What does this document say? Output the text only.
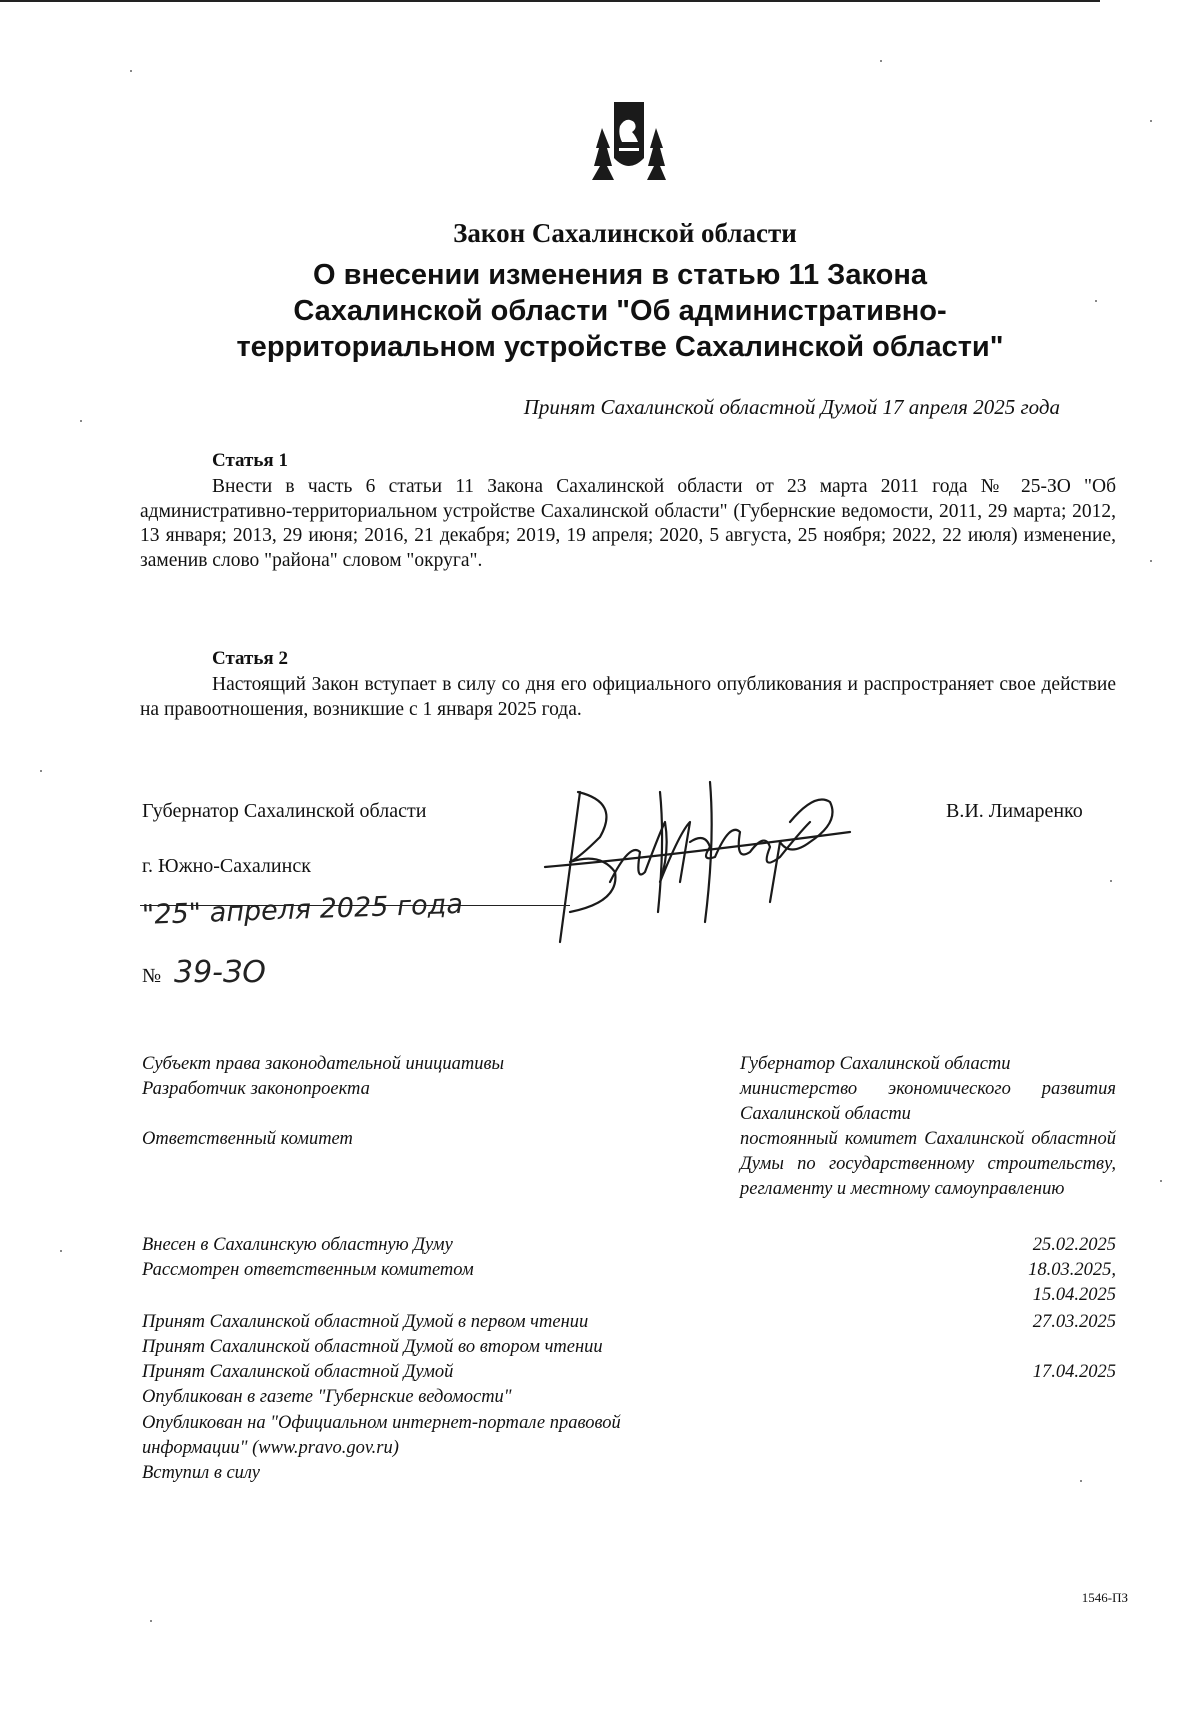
Закон Сахалинской области
О внесении изменения в статью 11 Закона
Сахалинской области "Об административно-
территориальном устройстве Сахалинской области"
Принят Сахалинской областной Думой 17 апреля 2025 года
Статья 1
Внести в часть 6 статьи 11 Закона Сахалинской области от 23 марта 2011 года № 25-ЗО "Об административно-территориальном устройстве Сахалинской области" (Губернские ведомости, 2011, 29 марта; 2012, 13 января; 2013, 29 июня; 2016, 21 декабря; 2019, 19 апреля; 2020, 5 августа, 25 ноября; 2022, 22 июля) изменение, заменив слово "района" словом "округа".
Статья 2
Настоящий Закон вступает в силу со дня его официального опубликования и распространяет свое действие на правоотношения, возникшие с 1 января 2025 года.
Губернатор Сахалинской области	В.И. Лимаренко
г. Южно-Сахалинск
"25" апреля 2025 года
№ 39-ЗО
Субъект права законодательной инициативы
Разработчик законопроекта
Ответственный комитет
Внесен в Сахалинскую областную Думу
Рассмотрен ответственным комитетом
Принят Сахалинской областной Думой в первом чтении
Принят Сахалинской областной Думой во втором чтении
Принят Сахалинской областной Думой
Опубликован в газете "Губернские ведомости"
Опубликован на "Официальном интернет-портале правовой
информации" (www.pravo.gov.ru)
Вступил в силу
Губернатор Сахалинской области
министерство экономического развития Сахалинской области
постоянный комитет Сахалинской областной Думы по государственному строительству, регламенту и местному самоуправлению
25.02.2025
18.03.2025,
15.04.2025
27.03.2025
17.04.2025
1546-ПЗ
